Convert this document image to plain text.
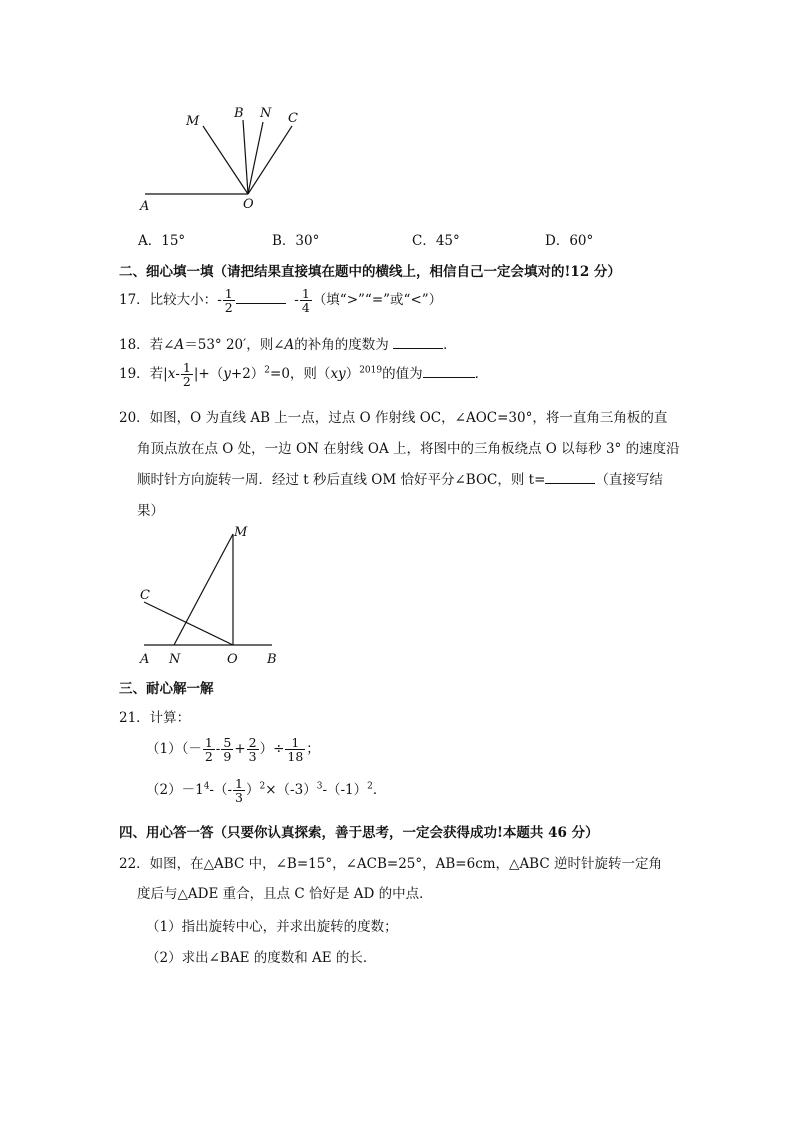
A	O
M
B N C
A．15°	B．30°	C．45°	D．60°
二、细心填一填（请把结果直接填在题中的横线上，相信自己一定会填对的!12 分）
17．比较大小：- $\frac{1}{2}$	- $\frac{1}{4}$ （填“>”“=”或“<”）
18．若∠A＝53° 20′，则∠A的补角的度数为	．
19．若$|x- \frac{1}{2} |+(y+2)^2=0$，则（xy）$^{2019}$的值为	．
20．如图，O 为直线 AB 上一点，过点 O 作射线 OC，∠AOC=30°，将一直角三角板的直
角顶点放在点 O 处，一边 ON 在射线 OA 上，将图中的三角板绕点 O 以每秒 3° 的速度沿
顺时针方向旋转一周．经过 t 秒后直线 OM 恰好平分∠BOC，则 t=	（直接写结
果）
M
C
A N	O B
三、耐心解一解
21．计算：
$(1)(- \frac{1}{2} - \frac{5}{9} + \frac{2}{3}$ ）÷ $\frac{1}{18}$ ；
$(2)-1^4-(- \frac{1}{3} )^2\times(-3)^3-(-1)^2$．
四、用心答一答（只要你认真探索，善于思考，一定会获得成功!本题共 46 分）
22．如图，在△ABC 中，∠B=15°，∠ACB=25°，AB=6cm，△ABC 逆时针旋转一定角
度后与△ADE 重合，且点 C 恰好是 AD 的中点．
（1）指出旋转中心，并求出旋转的度数；
（2）求出∠BAE 的度数和 AE 的长．
